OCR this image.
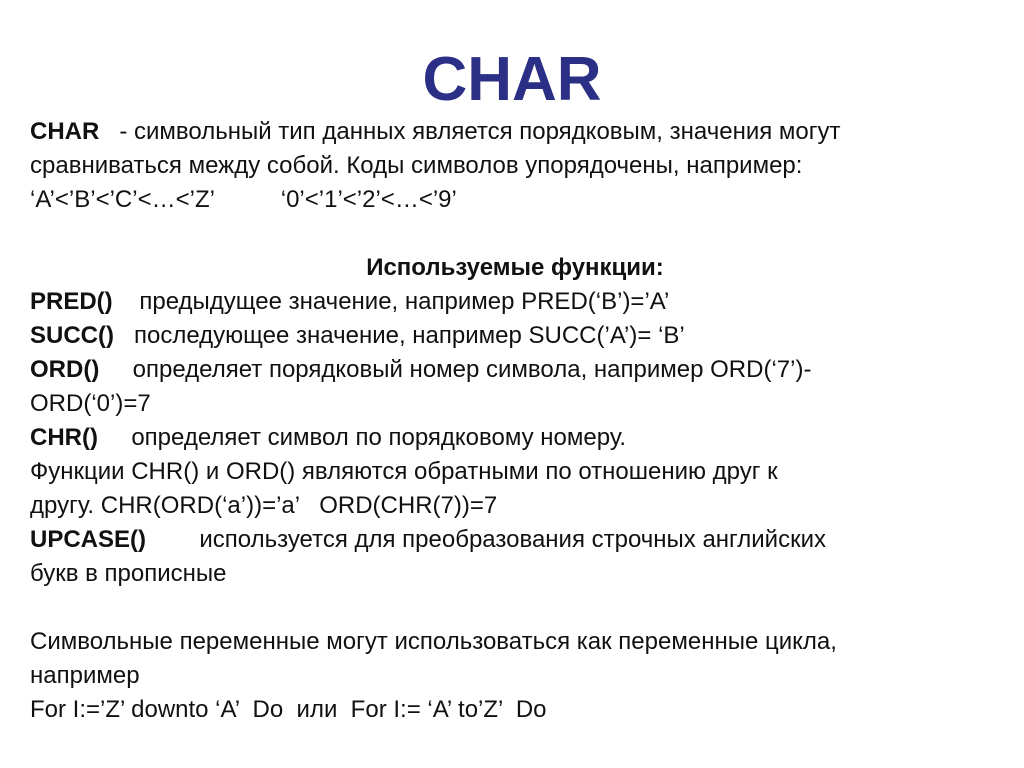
CHAR
CHAR   - символьный тип данных является порядковым, значения могут
сравниваться между собой. Коды символов упорядочены, например:
‘A’<’B’<’C’<…<’Z’          ‘0’<’1’<’2’<…<’9’
Используемые функции:
PRED()    предыдущее значение, например PRED(‘B’)=’A’
SUCC()   последующее значение, например SUCC(’A’)= ‘B’
ORD()     определяет порядковый номер символа, например ORD(‘7’)-
ORD(‘0’)=7
CHR()     определяет символ по порядковому номеру.
Функции CHR() и ORD() являются обратными по отношению друг к
другу. CHR(ORD(‘a’))=’a’   ORD(CHR(7))=7
UPCASE()        используется для преобразования строчных английских
букв в прописные
Символьные переменные могут использоваться как переменные цикла,
например
For I:=’Z’ downto ‘A’  Do  или  For I:= ‘A’ to’Z’  Do
